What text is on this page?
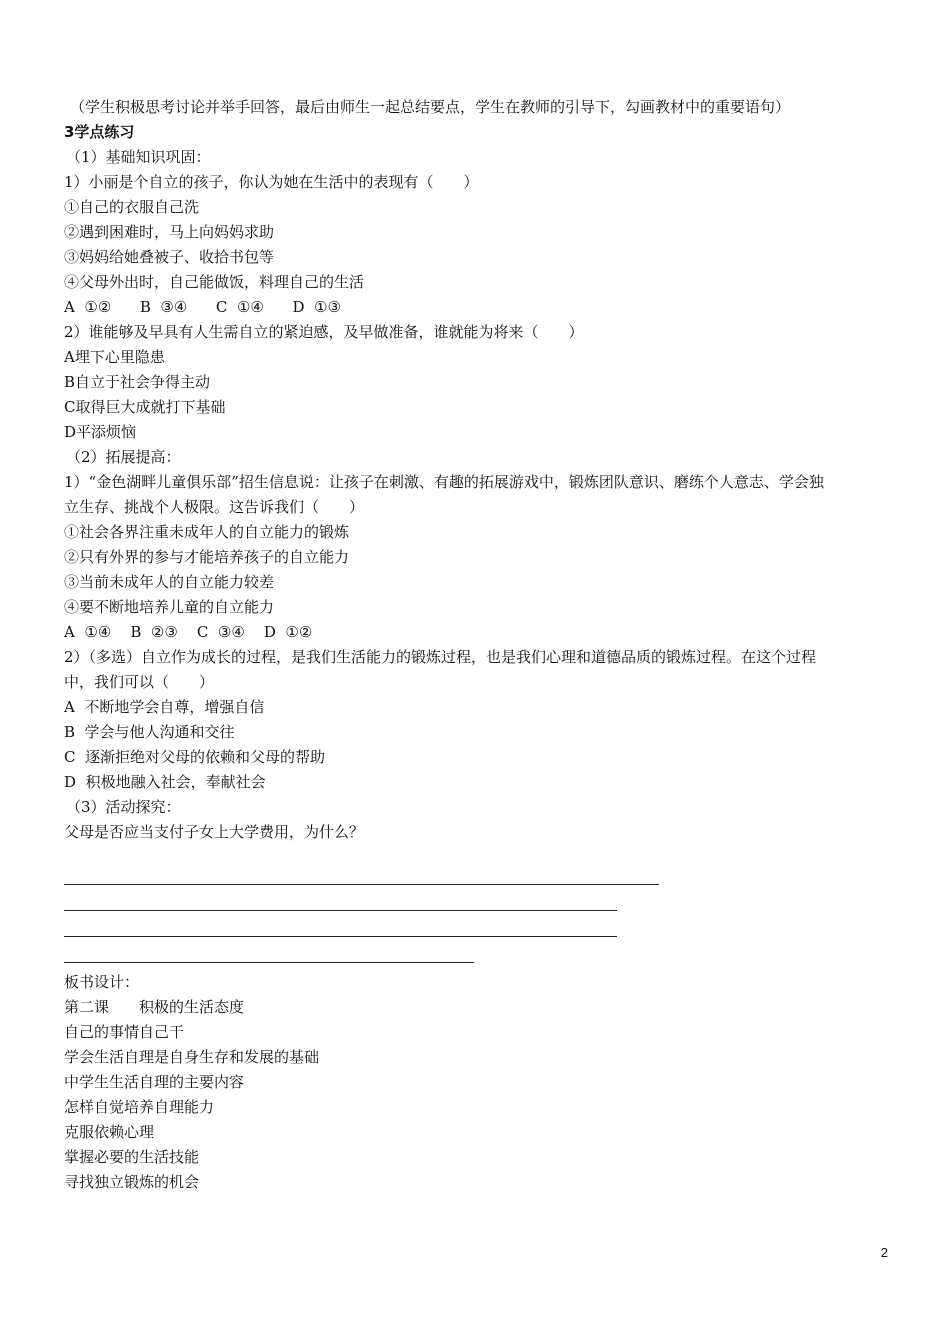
（学生积极思考讨论并举手回答，最后由师生一起总结要点，学生在教师的引导下，勾画教材中的重要语句）
3学点练习
（1）基础知识巩固：
1）小丽是个自立的孩子，你认为她在生活中的表现有（　　）
①自己的衣服自己洗
②遇到困难时，马上向妈妈求助
③妈妈给她叠被子、收拾书包等
④父母外出时，自己能做饭，料理自己的生活
A  ①②      B  ③④      C  ①④      D  ①③
2）谁能够及早具有人生需自立的紧迫感，及早做准备，谁就能为将来（　　）
A埋下心里隐患
B自立于社会争得主动
C取得巨大成就打下基础
D平添烦恼
（2）拓展提高：
1）“金色湖畔儿童俱乐部”招生信息说：让孩子在刺激、有趣的拓展游戏中，锻炼团队意识、磨练个人意志、学会独
立生存、挑战个人极限。这告诉我们（　　）
①社会各界注重未成年人的自立能力的锻炼
②只有外界的参与才能培养孩子的自立能力
③当前未成年人的自立能力较差
④要不断地培养儿童的自立能力
A  ①④    B  ②③    C  ③④    D  ①②
2）（多选）自立作为成长的过程，是我们生活能力的锻炼过程，也是我们心理和道德品质的锻炼过程。在这个过程
中，我们可以（　　）
A  不断地学会自尊，增强自信
B  学会与他人沟通和交往
C  逐渐拒绝对父母的依赖和父母的帮助
D  积极地融入社会，奉献社会
（3）活动探究：
父母是否应当支付子女上大学费用，为什么？
板书设计：
第二课　　积极的生活态度
自己的事情自己干
学会生活自理是自身生存和发展的基础
中学生生活自理的主要内容
怎样自觉培养自理能力
克服依赖心理
掌握必要的生活技能
寻找独立锻炼的机会
2
